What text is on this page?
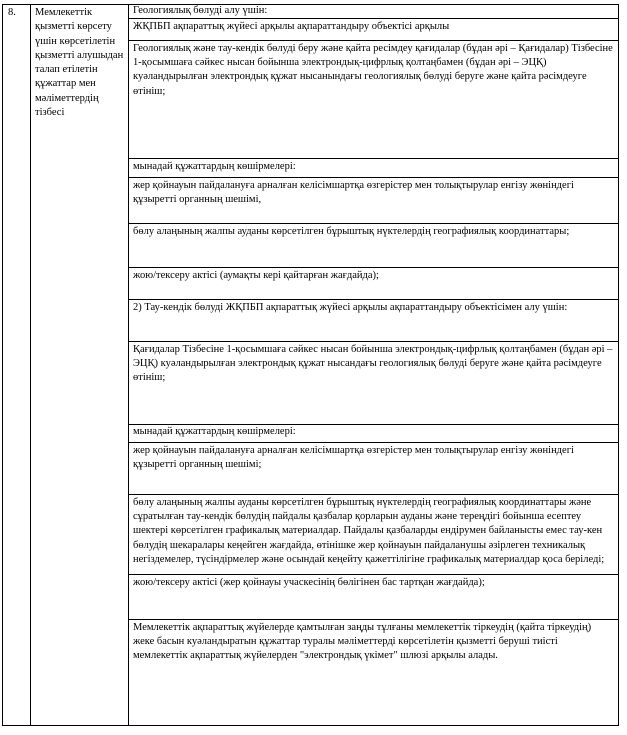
8.	Мемлекеттік қызметті көрсету үшін көрсетілетін қызметті алушыдан талап етілетін құжаттар мен мәліметтердің тізбесі
Геологиялық бөлуді алу үшін:
ЖҚПБП ақпараттық жүйесі арқылы ақпараттандыру объектісі арқылы
Геологиялық және тау-кендік бөлуді беру және қайта ресімдеу қағидалар (бұдан әрі – Қағидалар) Тізбесіне 1-қосымшаға сәйкес нысан бойынша электрондық-цифрлық қолтаңбамен (бұдан әрі – ЭЦҚ) куәландырылған электрондық құжат нысанындағы геологиялық бөлуді беруге және қайта рәсімдеуге өтініш;
мынадай құжаттардың көшірмелері:
жер қойнауын пайдалануға арналған келісімшартқа өзгерістер мен толықтырулар енгізу жөніндегі құзыретті органның шешімі,
бөлу алаңының жалпы ауданы көрсетілген бұрыштық нүктелердің географиялық координаттары;
жою/тексеру актісі (аумақты кері қайтарған жағдайда);
2) Тау-кендік бөлуді ЖҚПБП ақпараттық жүйесі арқылы ақпараттандыру объектісімен алу үшін:
Қағидалар Тізбесіне 1-қосымшаға сәйкес нысан бойынша электрондық-цифрлық қолтаңбамен (бұдан әрі – ЭЦҚ) куәландырылған электрондық құжат нысандағы геологиялық бөлуді беруге және қайта рәсімдеуге өтініш;
мынадай құжаттардың көшірмелері:
жер қойнауын пайдалануға арналған келісімшартқа өзгерістер мен толықтырулар енгізу жөніндегі құзыретті органның шешімі;
бөлу алаңының жалпы ауданы көрсетілген бұрыштық нүктелердің географиялық координаттары және сұратылған тау-кендік бөлудің пайдалы қазбалар қорларын ауданы және тереңдігі бойынша есептеу шектері көрсетілген графикалық материалдар. Пайдалы қазбаларды ендірумен байланысты емес тау-кен бөлудің шекаралары кеңейген жағдайда, өтінішке жер қойнауын пайдаланушы әзірлеген техникалық негіздемелер, түсіндірмелер және осындай кеңейту қажеттілігіне графикалық материалдар қоса беріледі;
жою/тексеру актісі (жер қойнауы учаскесінің бөлігінен бас тартқан жағдайда);
Мемлекеттік ақпараттық жүйелерде қамтылған заңды тұлғаны мемлекеттік тіркеудің (қайта тіркеудің) жеке басын куәландыратын құжаттар туралы мәліметтерді көрсетілетін қызметті беруші тиісті мемлекеттік ақпараттық жүйелерден "электрондық үкімет" шлюзі арқылы алады.
